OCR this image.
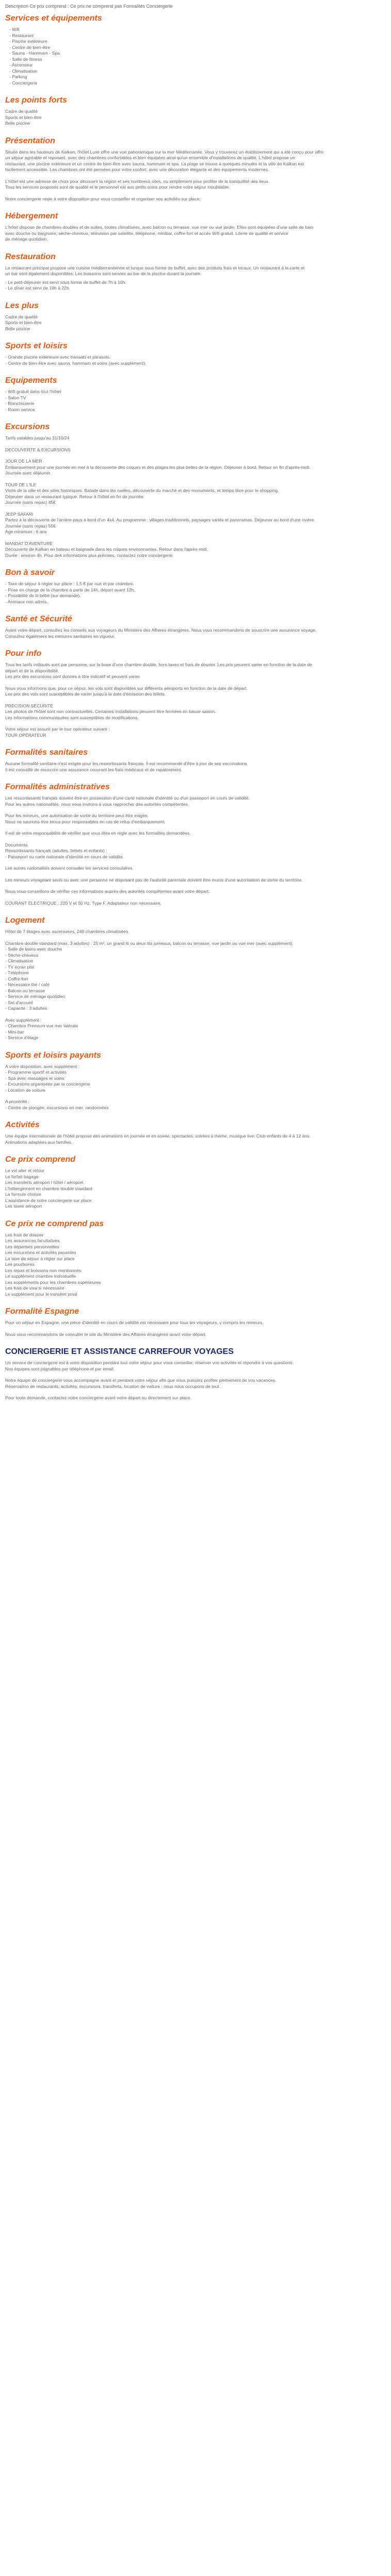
Description Ce prix comprend : Ce prix ne comprend pas Formalités Conciergerie

Services et équipements
- Wifi
- Restaurant
- Piscine extérieure
- Centre de bien-être
- Sauna - Hammam - Spa
- Salle de fitness
- Ascenseur
- Climatisation
- Parking
- Conciergerie
Les points forts

Cadre de qualité

Sports et bien-être

Belle piscine

Présentation

Située dans les hauteurs de Kalkan, l'hôtel Luxe offre une vue panoramique sur la mer Méditerranée. Vous y trouverez un établissement qui a été conçu pour offrir

un séjour agréable et reposant, avec des chambres confortables et bien équipées ainsi qu'un ensemble d'installations de qualité. L'hôtel propose un

restaurant, une piscine extérieure et un centre de bien-être avec sauna, hammam et spa. La plage se trouve à quelques minutes et la ville de Kalkan est

facilement accessible. Les chambres ont été pensées pour votre confort, avec une décoration élégante et des équipements modernes.

L'hôtel est une adresse de choix pour découvrir la région et ses nombreux sites, ou simplement pour profiter de la tranquillité des lieux.

Tous les services proposés sont de qualité et le personnel est aux petits soins pour rendre votre séjour inoubliable.

Notre conciergerie reste à votre disposition pour vous conseiller et organiser vos activités sur place.

Hébergement

L'hôtel dispose de chambres doubles et de suites, toutes climatisées, avec balcon ou terrasse, vue mer ou vue jardin. Elles sont équipées d'une salle de bain

avec douche ou baignoire, sèche-cheveux, télévision par satellite, téléphone, minibar, coffre-fort et accès Wifi gratuit. Literie de qualité et service

de ménage quotidien.

Restauration

Le restaurant principal propose une cuisine méditerranéenne et turque sous forme de buffet, avec des produits frais et locaux. Un restaurant à la carte et

un bar sont également disponibles. Les boissons sont servies au bar de la piscine durant la journée.

- Le petit-déjeuner est servi sous forme de buffet de 7h à 10h.

- Le dîner est servi de 19h à 22h.

Les plus

Cadre de qualité

Sports et bien-être

Belle piscine

Sports et loisirs

- Grande piscine extérieure avec transats et parasols.

- Centre de bien-être avec sauna, hammam et soins (avec supplément).

Equipements

- Wifi gratuit dans tout l'hôtel

- Salon TV

- Blanchisserie

- Room service

Excursions

Tarifs valables jusqu'au 31/10/24

DECOUVERTE & EXCURSIONS

JOUR DE LA MER

Embarquement pour une journée en mer à la découverte des criques et des plages les plus belles de la région. Déjeuner à bord. Retour en fin d'après-midi.

Journée avec déjeuner.

TOUR DE L'ILE

Visite de la ville et des sites historiques. Balade dans les ruelles, découverte du marché et des monuments, et temps libre pour le shopping.

Déjeuner dans un restaurant typique. Retour à l'hôtel en fin de journée.

Journée (sans repas) 45€

JEEP SAFARI

Partez à la découverte de l'arrière-pays à bord d'un 4x4. Au programme : villages traditionnels, paysages variés et panoramas. Déjeuner au bord d'une rivière.

Journée (sans repas) 55€

Age minimum : 6 ans

MANDAT D'AVENTURE

Découverte de Kalkan en bateau et baignade dans les criques environnantes. Retour dans l'après-midi.

Durée : environ 4h. Pour des informations plus précises, contactez notre conciergerie.

Bon à savoir

- Taxe de séjour à régler sur place : 1,5 € par nuit et par chambre.

- Prise en charge de la chambre à partir de 14h, départ avant 12h.

- Possibilité de lit bébé (sur demande).

- Animaux non admis.

Santé et Sécurité

Avant votre départ, consultez les conseils aux voyageurs du Ministère des Affaires étrangères. Nous vous recommandons de souscrire une assurance voyage.

Consultez également les mesures sanitaires en vigueur.

Pour info

Tous les tarifs indiqués sont par personne, sur la base d'une chambre double, hors taxes et frais de dossier. Les prix peuvent varier en fonction de la date de

départ et de la disponibilité.

Les prix des excursions sont donnés à titre indicatif et peuvent varier.

Nous vous informons que, pour ce séjour, les vols sont disponibles sur différents aéroports en fonction de la date de départ.

Les prix des vols sont susceptibles de varier jusqu'à la date d'émission des billets.

PRÉCISION SÉCURITÉ

Les photos de l'hôtel sont non contractuelles. Certaines installations peuvent être fermées en basse saison.

Les informations communiquées sont susceptibles de modifications.

Votre séjour est assuré par le tour opérateur suivant :

TOUR OPÉRATEUR

Formalités sanitaires

Aucune formalité sanitaire n'est exigée pour les ressortissants français. Il est recommandé d'être à jour de ses vaccinations.

Il est conseillé de souscrire une assurance couvrant les frais médicaux et de rapatriement.

Formalités administratives

Les ressortissants français doivent être en possession d'une carte nationale d'identité ou d'un passeport en cours de validité.

Pour les autres nationalités, nous vous invitons à vous rapprocher des autorités compétentes.

Pour les mineurs, une autorisation de sortie du territoire peut être exigée.

Nous ne saurions être tenus pour responsables en cas de refus d'embarquement.

Il est de votre responsabilité de vérifier que vous êtes en règle avec les formalités demandées.

Documents

Ressortissants français (adultes, bébés et enfants) :

- Passeport ou carte nationale d'identité en cours de validité.

Les autres nationalités doivent consulter les services consulaires.

Les mineurs voyageant seuls ou avec une personne ne disposant pas de l'autorité parentale doivent être munis d'une autorisation de sortie du territoire.

Nous vous conseillons de vérifier ces informations auprès des autorités compétentes avant votre départ.

COURANT ÉLECTRIQUE : 220 V et 50 Hz. Type F. Adaptateur non nécessaire.

Logement

Hôtel de 7 étages avec ascenseurs, 240 chambres climatisées.

Chambre double standard (max. 3 adultes) : 25 m², un grand lit ou deux lits jumeaux, balcon ou terrasse, vue jardin ou vue mer (avec supplément).

- Salle de bains avec douche

- Sèche-cheveux

- Climatisation

- TV écran plat

- Téléphone

- Coffre-fort

- Nécessaire thé / café

- Balcon ou terrasse

- Service de ménage quotidien

- Set d'accueil

- Capacité : 3 adultes

Avec supplément :

- Chambre Premium vue mer latérale

- Mini-bar

- Service d'étage

Sports et loisirs payants

A votre disposition, avec supplément :

- Programme sportif et activités

- Spa avec massages et soins

- Excursions organisées par la conciergerie

- Location de voiture

A proximité :

- Centre de plongée, excursions en mer, randonnées

Activités

Une équipe internationale de l'hôtel propose des animations en journée et en soirée, spectacles, soirées à thème, musique live. Club enfants de 4 à 12 ans.

Animations adaptées aux familles.

Ce prix comprend

Le vol aller et retour

Le forfait bagage

Les transferts aéroport / hôtel / aéroport

L'hébergement en chambre double standard

La formule choisie

L'assistance de notre conciergerie sur place

Les taxes aéroport

Ce prix ne comprend pas

Les frais de dossier

Les assurances facultatives

Les dépenses personnelles

Les excursions et activités payantes

La taxe de séjour à régler sur place

Les pourboires

Les repas et boissons non mentionnés

Le supplément chambre individuelle

Les suppléments pour les chambres supérieures

Les frais de visa si nécessaire

Le supplément pour le transfert privé

Formalité Espagne

Pour un séjour en Espagne, une pièce d'identité en cours de validité est nécessaire pour tous les voyageurs, y compris les mineurs.

Nous vous recommandons de consulter le site du Ministère des Affaires étrangères avant votre départ.

CONCIERGERIE ET ASSISTANCE CARREFOUR VOYAGES

Un service de conciergerie est à votre disposition pendant tout votre séjour pour vous conseiller, réserver vos activités et répondre à vos questions.

Nos équipes sont joignables par téléphone et par email.

Notre équipe de conciergerie vous accompagne avant et pendant votre séjour afin que vous puissiez profiter pleinement de vos vacances.

Réservation de restaurants, activités, excursions, transferts, location de voiture : nous nous occupons de tout.

Pour toute demande, contactez notre conciergerie avant votre départ ou directement sur place.
